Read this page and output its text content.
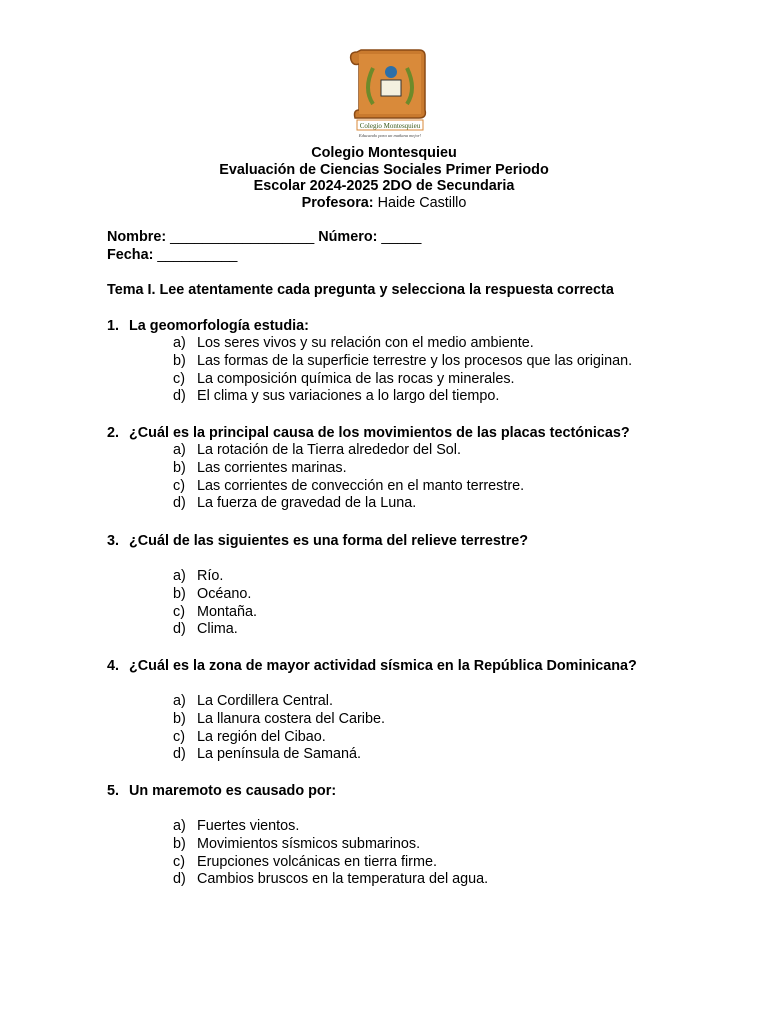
Colegio Montesquieu
Educando para un mañana mejor!
Colegio Montesquieu
Evaluación de Ciencias Sociales Primer Periodo
Escolar 2024-2025 2DO de Secundaria
Profesora: Haide Castillo
Nombre: __________________ Número: _____
Fecha: __________
Tema I. Lee atentamente cada pregunta y selecciona la respuesta correcta
1. La geomorfología estudia:
a) Los seres vivos y su relación con el medio ambiente.
b) Las formas de la superficie terrestre y los procesos que las originan.
c) La composición química de las rocas y minerales.
d) El clima y sus variaciones a lo largo del tiempo.
2. ¿Cuál es la principal causa de los movimientos de las placas tectónicas?
a) La rotación de la Tierra alrededor del Sol.
b) Las corrientes marinas.
c) Las corrientes de convección en el manto terrestre.
d) La fuerza de gravedad de la Luna.
3. ¿Cuál de las siguientes es una forma del relieve terrestre?
a) Río.
b) Océano.
c) Montaña.
d) Clima.
4. ¿Cuál es la zona de mayor actividad sísmica en la República Dominicana?
a) La Cordillera Central.
b) La llanura costera del Caribe.
c) La región del Cibao.
d) La península de Samaná.
5. Un maremoto es causado por:
a) Fuertes vientos.
b) Movimientos sísmicos submarinos.
c) Erupciones volcánicas en tierra firme.
d) Cambios bruscos en la temperatura del agua.
